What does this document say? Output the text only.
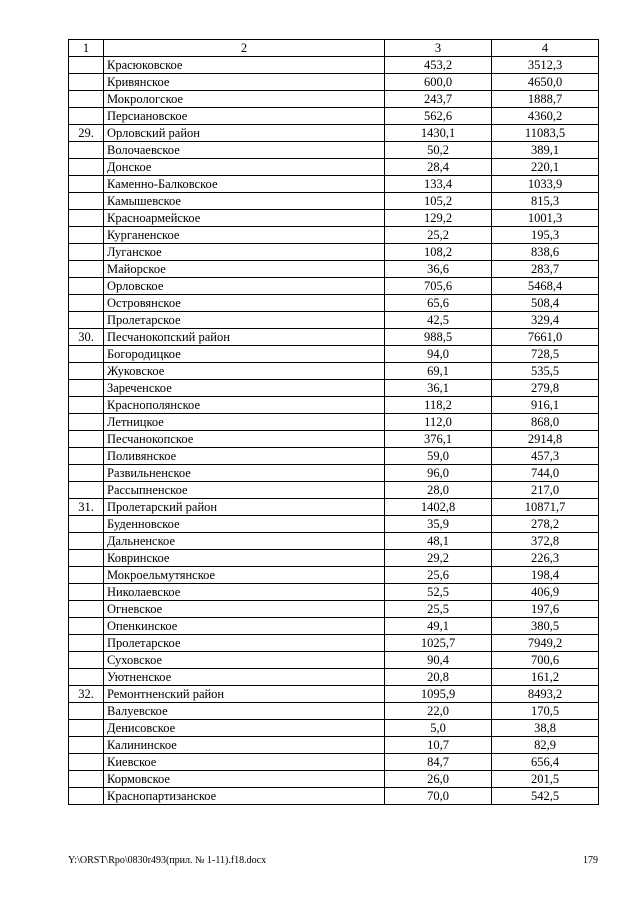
1	2	3	4
	Красюковское	453,2	3512,3
	Кривянское	600,0	4650,0
	Мокрологское	243,7	1888,7
	Персиановское	562,6	4360,2
29.	Орловский район	1430,1	11083,5
	Волочаевское	50,2	389,1
	Донское	28,4	220,1
	Каменно-Балковское	133,4	1033,9
	Камышевское	105,2	815,3
	Красноармейское	129,2	1001,3
	Курганенское	25,2	195,3
	Луганское	108,2	838,6
	Майорское	36,6	283,7
	Орловское	705,6	5468,4
	Островянское	65,6	508,4
	Пролетарское	42,5	329,4
30.	Песчанокопский район	988,5	7661,0
	Богородицкое	94,0	728,5
	Жуковское	69,1	535,5
	Зареченское	36,1	279,8
	Краснополянское	118,2	916,1
	Летницкое	112,0	868,0
	Песчанокопское	376,1	2914,8
	Поливянское	59,0	457,3
	Развильненское	96,0	744,0
	Рассыпненское	28,0	217,0
31.	Пролетарский район	1402,8	10871,7
	Буденновское	35,9	278,2
	Дальненское	48,1	372,8
	Ковринское	29,2	226,3
	Мокроельмутянское	25,6	198,4
	Николаевское	52,5	406,9
	Огневское	25,5	197,6
	Опенкинское	49,1	380,5
	Пролетарское	1025,7	7949,2
	Суховское	90,4	700,6
	Уютненское	20,8	161,2
32.	Ремонтненский район	1095,9	8493,2
	Валуевское	22,0	170,5
	Денисовское	5,0	38,8
	Калининское	10,7	82,9
	Киевское	84,7	656,4
	Кормовское	26,0	201,5
	Краснопартизанское	70,0	542,5
Y:\ORST\Rpo\0830r493(прил. № 1-11).f18.docx	179
